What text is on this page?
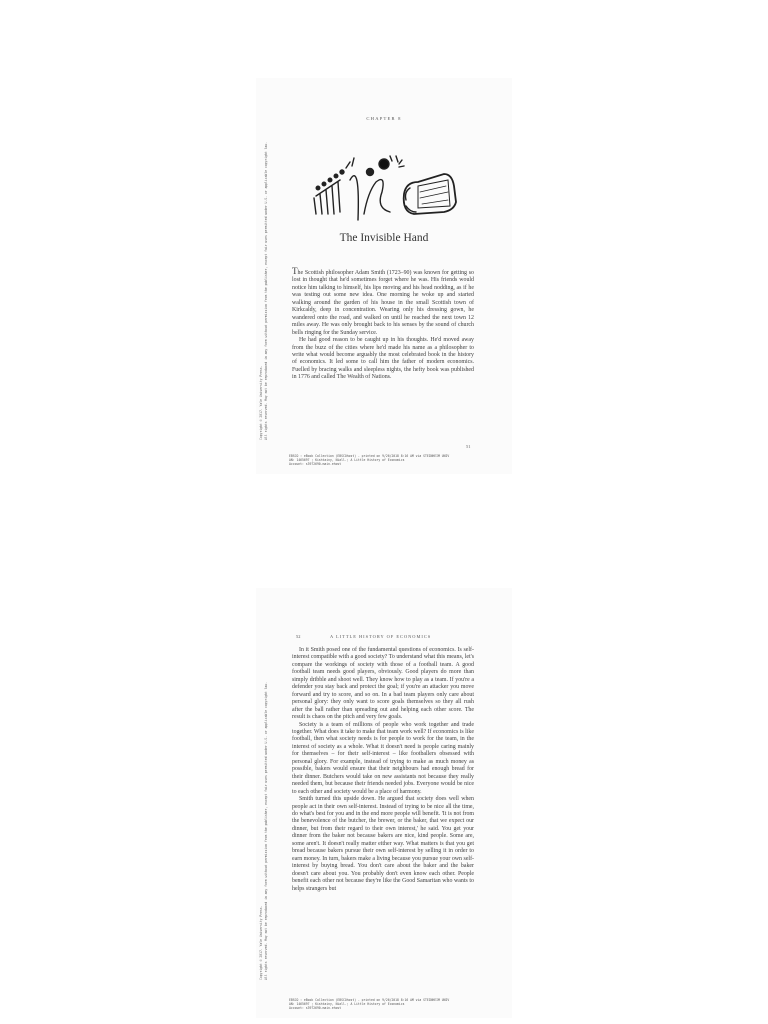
Copyright © 2017. Yale University Press. All rights reserved. May not be reproduced in any form without permission from the publisher, except fair uses permitted under U.S. or applicable copyright law.
CHAPTER 8
The Invisible Hand
The Scottish philosopher Adam Smith (1723–90) was known for getting so lost in thought that he'd sometimes forget where he was. His friends would notice him talking to himself, his lips moving and his head nodding, as if he was testing out some new idea. One morning he woke up and started walking around the garden of his house in the small Scottish town of Kirkcaldy, deep in concentration. Wearing only his dressing gown, he wandered onto the road, and walked on until he reached the next town 12 miles away. He was only brought back to his senses by the sound of church bells ringing for the Sunday service.
He had good reason to be caught up in his thoughts. He'd moved away from the buzz of the cities where he'd made his name as a philosopher to write what would become arguably the most celebrated book in the history of economics. It led some to call him the father of modern economics. Fuelled by bracing walks and sleepless nights, the hefty book was published in 1776 and called The Wealth of Nations.
51
EBSCO : eBook Collection (EBSCOhost) - printed on 9/26/2018 8:16 AM via STEINHEIM UNIV
AN: 1465697 ; Kishtainy, Niall.; A Little History of Economics
Account: s3972690.main.ehost
Copyright © 2017. Yale University Press. All rights reserved. May not be reproduced in any form without permission from the publisher, except fair uses permitted under U.S. or applicable copyright law.
52	A LITTLE HISTORY OF ECONOMICS
In it Smith posed one of the fundamental questions of economics. Is self-interest compatible with a good society? To understand what this means, let's compare the workings of society with those of a football team. A good football team needs good players, obviously. Good players do more than simply dribble and shoot well. They know how to play as a team. If you're a defender you stay back and protect the goal; if you're an attacker you move forward and try to score, and so on. In a bad team players only care about personal glory: they only want to score goals themselves so they all rush after the ball rather than spreading out and helping each other score. The result is chaos on the pitch and very few goals.
Society is a team of millions of people who work together and trade together. What does it take to make that team work well? If economics is like football, then what society needs is for people to work for the team, in the interest of society as a whole. What it doesn't need is people caring mainly for themselves – for their self-interest – like footballers obsessed with personal glory. For example, instead of trying to make as much money as possible, bakers would ensure that their neighbours had enough bread for their dinner. Butchers would take on new assistants not because they really needed them, but because their friends needed jobs. Everyone would be nice to each other and society would be a place of harmony.
Smith turned this upside down. He argued that society does well when people act in their own self-interest. Instead of trying to be nice all the time, do what's best for you and in the end more people will benefit. 'It is not from the benevolence of the butcher, the brewer, or the baker, that we expect our dinner, but from their regard to their own interest,' he said. You get your dinner from the baker not because bakers are nice, kind people. Some are, some aren't. It doesn't really matter either way. What matters is that you get bread because bakers pursue their own self-interest by selling it in order to earn money. In turn, bakers make a living because you pursue your own self-interest by buying bread. You don't care about the baker and the baker doesn't care about you. You probably don't even know each other. People benefit each other not because they're like the Good Samaritan who wants to helps strangers but
EBSCO : eBook Collection (EBSCOhost) - printed on 9/26/2018 8:16 AM via STEINHEIM UNIV
AN: 1465697 ; Kishtainy, Niall.; A Little History of Economics
Account: s3972690.main.ehost
